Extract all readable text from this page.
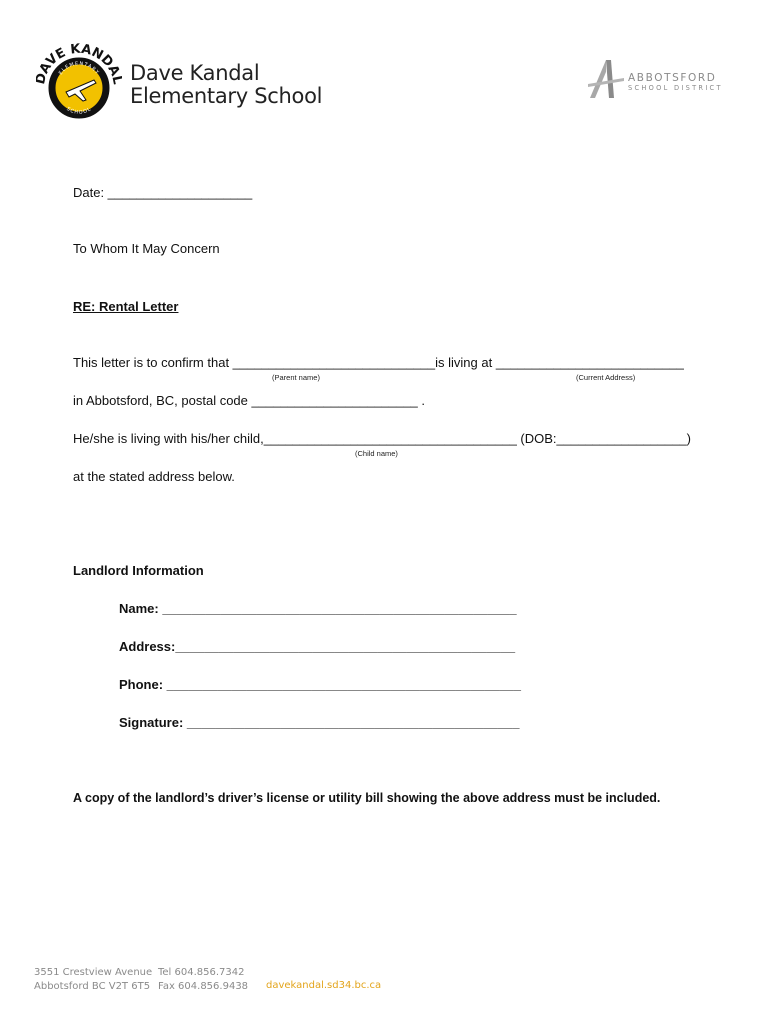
AVE KANDA
ELEMENTARY
SCHOOL
Dave Kandal
Elementary School
ABBOTSFORD
SCHOOL DISTRICT
Date: ____________________
To Whom It May Concern
RE: Rental Letter
This letter is to confirm that ____________________________is living at __________________________
(Parent name)	(Current Address)
in Abbotsford, BC, postal code _______________________ .
He/she is living with his/her child,___________________________________ (DOB:__________________)
(Child name)
at the stated address below.
Landlord Information
Name: _________________________________________________
Address:_______________________________________________
Phone: _________________________________________________
Signature: ______________________________________________
A copy of the landlord’s driver’s license or utility bill showing the above address must be included.
3551 Crestview Avenue
Abbotsford BC V2T 6T5
Tel 604.856.7342
Fax 604.856.9438 davekandal.sd34.bc.ca
